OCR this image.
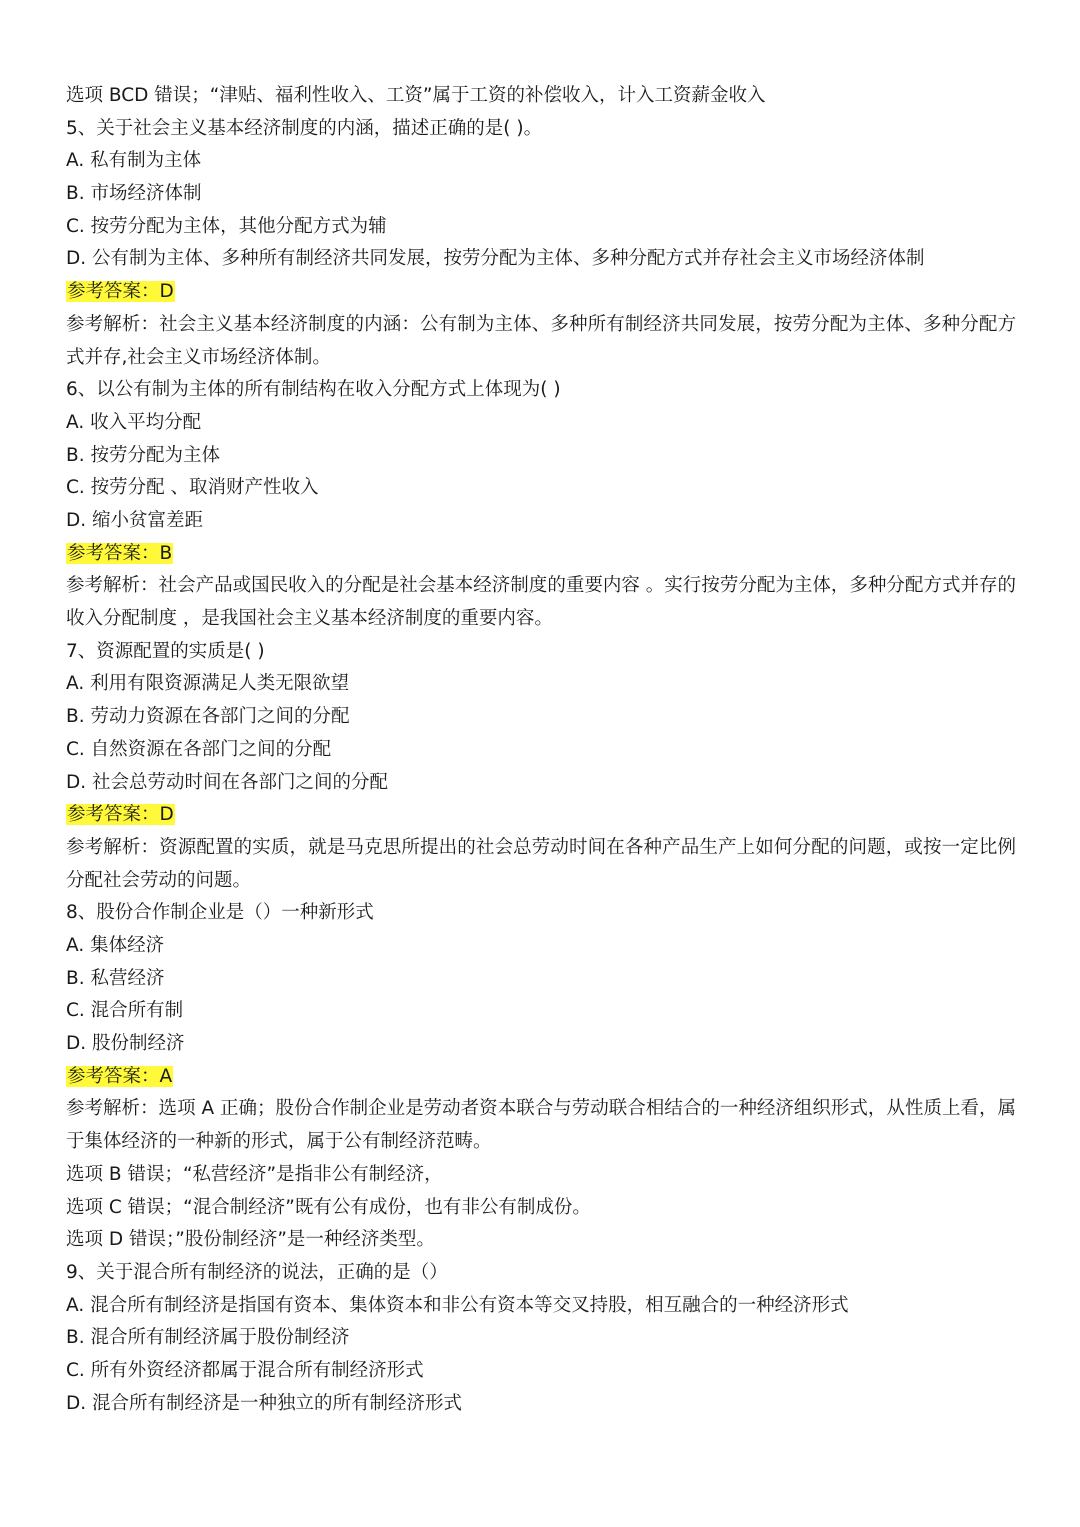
选项 BCD 错误；“津贴、福利性收入、工资”属于工资的补偿收入，计入工资薪金收入
5、关于社会主义基本经济制度的内涵，描述正确的是( )。
A. 私有制为主体
B. 市场经济体制
C. 按劳分配为主体，其他分配方式为辅
D. 公有制为主体、多种所有制经济共同发展，按劳分配为主体、多种分配方式并存社会主义市场经济体制
参考答案：D
参考解析：社会主义基本经济制度的内涵：公有制为主体、多种所有制经济共同发展，按劳分配为主体、多种分配方式并存,社会主义市场经济体制。
6、以公有制为主体的所有制结构在收入分配方式上体现为( )
A. 收入平均分配
B. 按劳分配为主体
C. 按劳分配 、取消财产性收入
D. 缩小贫富差距
参考答案：B
参考解析：社会产品或国民收入的分配是社会基本经济制度的重要内容 。实行按劳分配为主体，多种分配方式并存的收入分配制度 ，是我国社会主义基本经济制度的重要内容。
7、资源配置的实质是( )
A. 利用有限资源满足人类无限欲望
B. 劳动力资源在各部门之间的分配
C. 自然资源在各部门之间的分配
D. 社会总劳动时间在各部门之间的分配
参考答案：D
参考解析：资源配置的实质，就是马克思所提出的社会总劳动时间在各种产品生产上如何分配的问题，或按一定比例分配社会劳动的问题。
8、股份合作制企业是（）一种新形式
A. 集体经济
B. 私营经济
C. 混合所有制
D. 股份制经济
参考答案：A
参考解析：选项 A 正确；股份合作制企业是劳动者资本联合与劳动联合相结合的一种经济组织形式，从性质上看，属于集体经济的一种新的形式，属于公有制经济范畴。
选项 B 错误；“私营经济”是指非公有制经济，
选项 C 错误；“混合制经济”既有公有成份，也有非公有制成份。
选项 D 错误；”股份制经济”是一种经济类型。
9、关于混合所有制经济的说法，正确的是（）
A. 混合所有制经济是指国有资本、集体资本和非公有资本等交叉持股，相互融合的一种经济形式
B. 混合所有制经济属于股份制经济
C. 所有外资经济都属于混合所有制经济形式
D. 混合所有制经济是一种独立的所有制经济形式
